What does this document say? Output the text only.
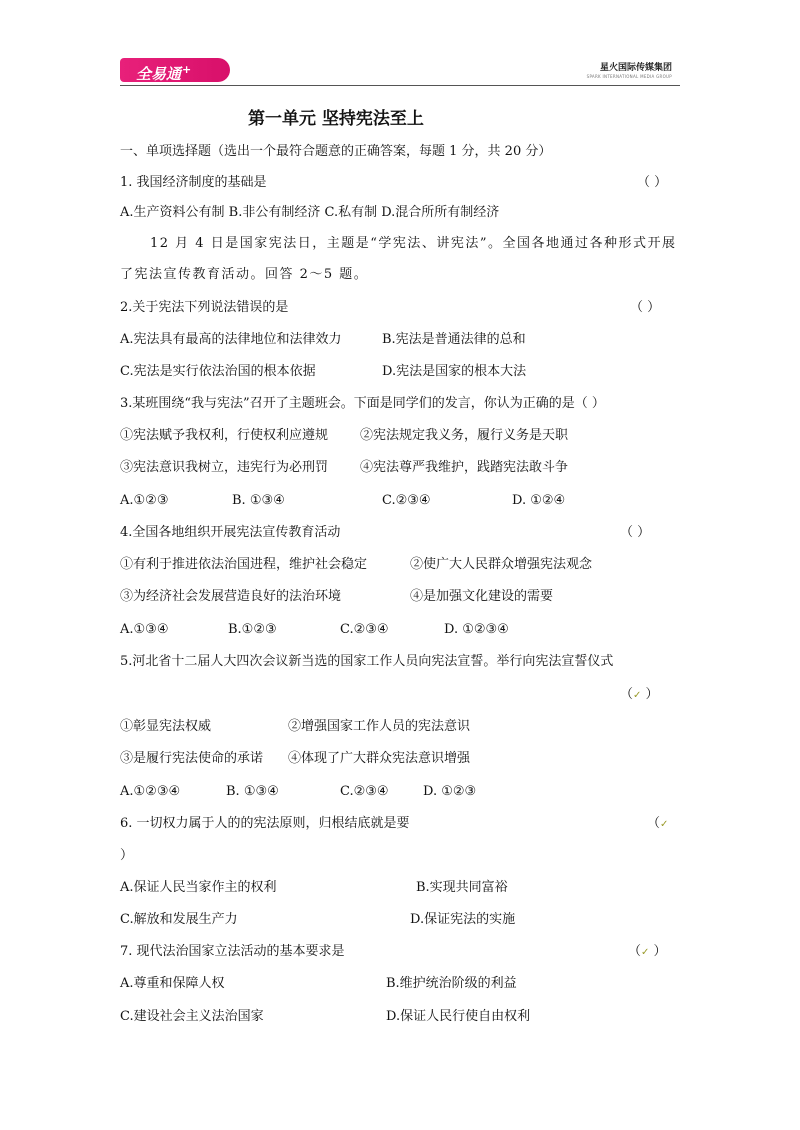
全易通+	星火国际传媒集团
SPARK INTERNATIONAL MEDIA GROUP
第一单元 坚持宪法至上
一、单项选择题（选出一个最符合题意的正确答案，每题 1 分，共 20 分）
1. 我国经济制度的基础是	（ ）
A.生产资料公有制 B.非公有制经济 C.私有制 D.混合所所有制经济
12 月 4 日是国家宪法日，主题是“学宪法、讲宪法”。全国各地通过各种形式开展
了宪法宣传教育活动。回答 2～5 题。
2.关于宪法下列说法错误的是	（ ）
A.宪法具有最高的法律地位和法律效力	B.宪法是普通法律的总和
C.宪法是实行依法治国的根本依据	D.宪法是国家的根本大法
3.某班围绕“我与宪法”召开了主题班会。下面是同学们的发言，你认为正确的是（ ）
①宪法赋予我权利，行使权利应遵规 ②宪法规定我义务，履行义务是天职
③宪法意识我树立，违宪行为必刑罚 ④宪法尊严我维护，践踏宪法敢斗争
A.①②③	B. ①③④	C.②③④	D. ①②④
4.全国各地组织开展宪法宣传教育活动	（ ）
①有利于推进依法治国进程，维护社会稳定	②使广大人民群众增强宪法观念
③为经济社会发展营造良好的法治环境	④是加强文化建设的需要
A.①③④	B.①②③	C.②③④	D. ①②③④
5.河北省十二届人大四次会议新当选的国家工作人员向宪法宣誓。举行向宪法宣誓仪式
（✓ ）
①彰显宪法权威	②增强国家工作人员的宪法意识
③是履行宪法使命的承诺 ④体现了广大群众宪法意识增强
A.①②③④	B. ①③④	C.②③④	D. ①②③
6. 一切权力属于人的的宪法原则，归根结底就是要	（✓
）
A.保证人民当家作主的权利	B.实现共同富裕
C.解放和发展生产力	D.保证宪法的实施
7. 现代法治国家立法活动的基本要求是	（✓ ）
A.尊重和保障人权	B.维护统治阶级的利益
C.建设社会主义法治国家	D.保证人民行使自由权利
